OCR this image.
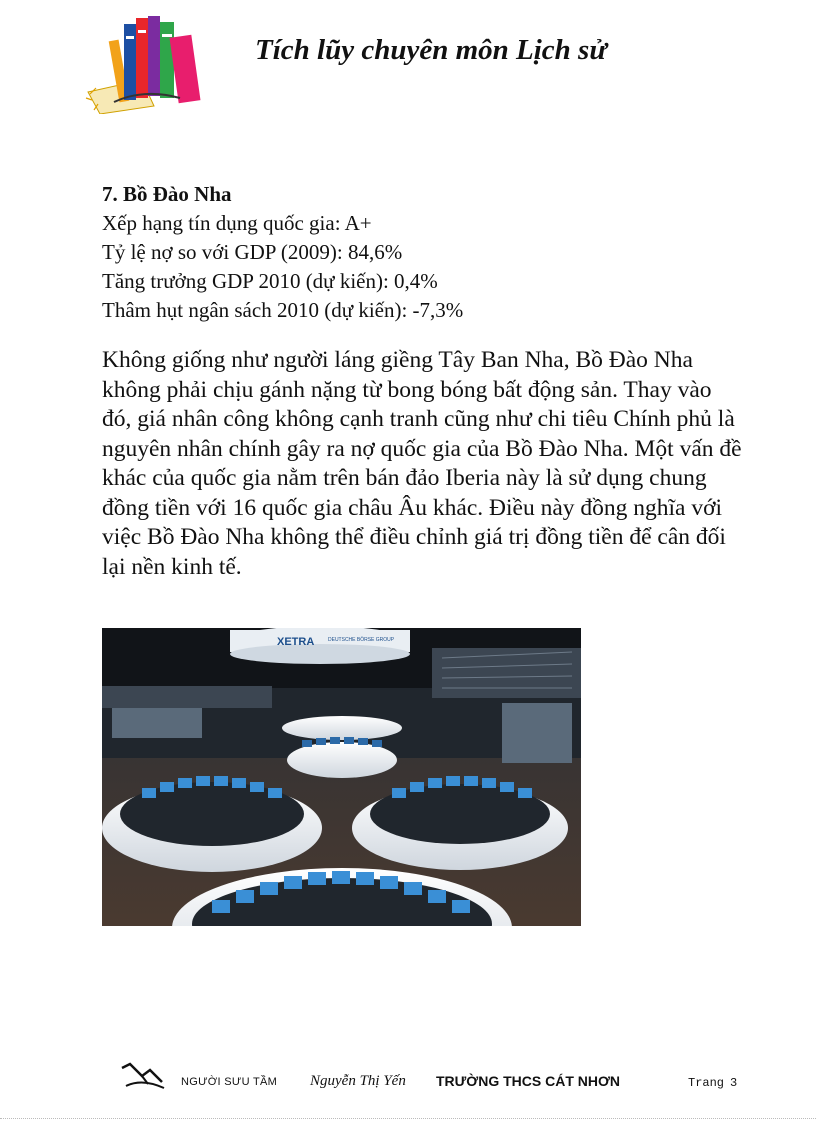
Tích lũy chuyên môn Lịch sử

7. Bồ Đào Nha

Xếp hạng tín dụng quốc gia: A+
Tỷ lệ nợ so với GDP (2009): 84,6%
Tăng trưởng GDP 2010 (dự kiến): 0,4%
Thâm hụt ngân sách 2010 (dự kiến): -7,3%

Không giống như người láng giềng Tây Ban Nha, Bồ Đào Nha không phải chịu gánh nặng từ bong bóng bất động sản. Thay vào đó, giá nhân công không cạnh tranh cũng như chi tiêu Chính phủ là nguyên nhân chính gây ra nợ quốc gia của Bồ Đào Nha. Một vấn đề khác của quốc gia nằm trên bán đảo Iberia này là sử dụng chung đồng tiền với 16 quốc gia châu Âu khác. Điều này đồng nghĩa với việc Bồ Đào Nha không thể điều chỉnh giá trị đồng tiền để cân đối lại nền kinh tế.

XETRA	DEUTSCHE BÖRSE GROUP
NGƯỜI SƯU TẦM Nguyễn Thị Yến TRƯỜNG THCS CÁT NHƠN	Trang 3
